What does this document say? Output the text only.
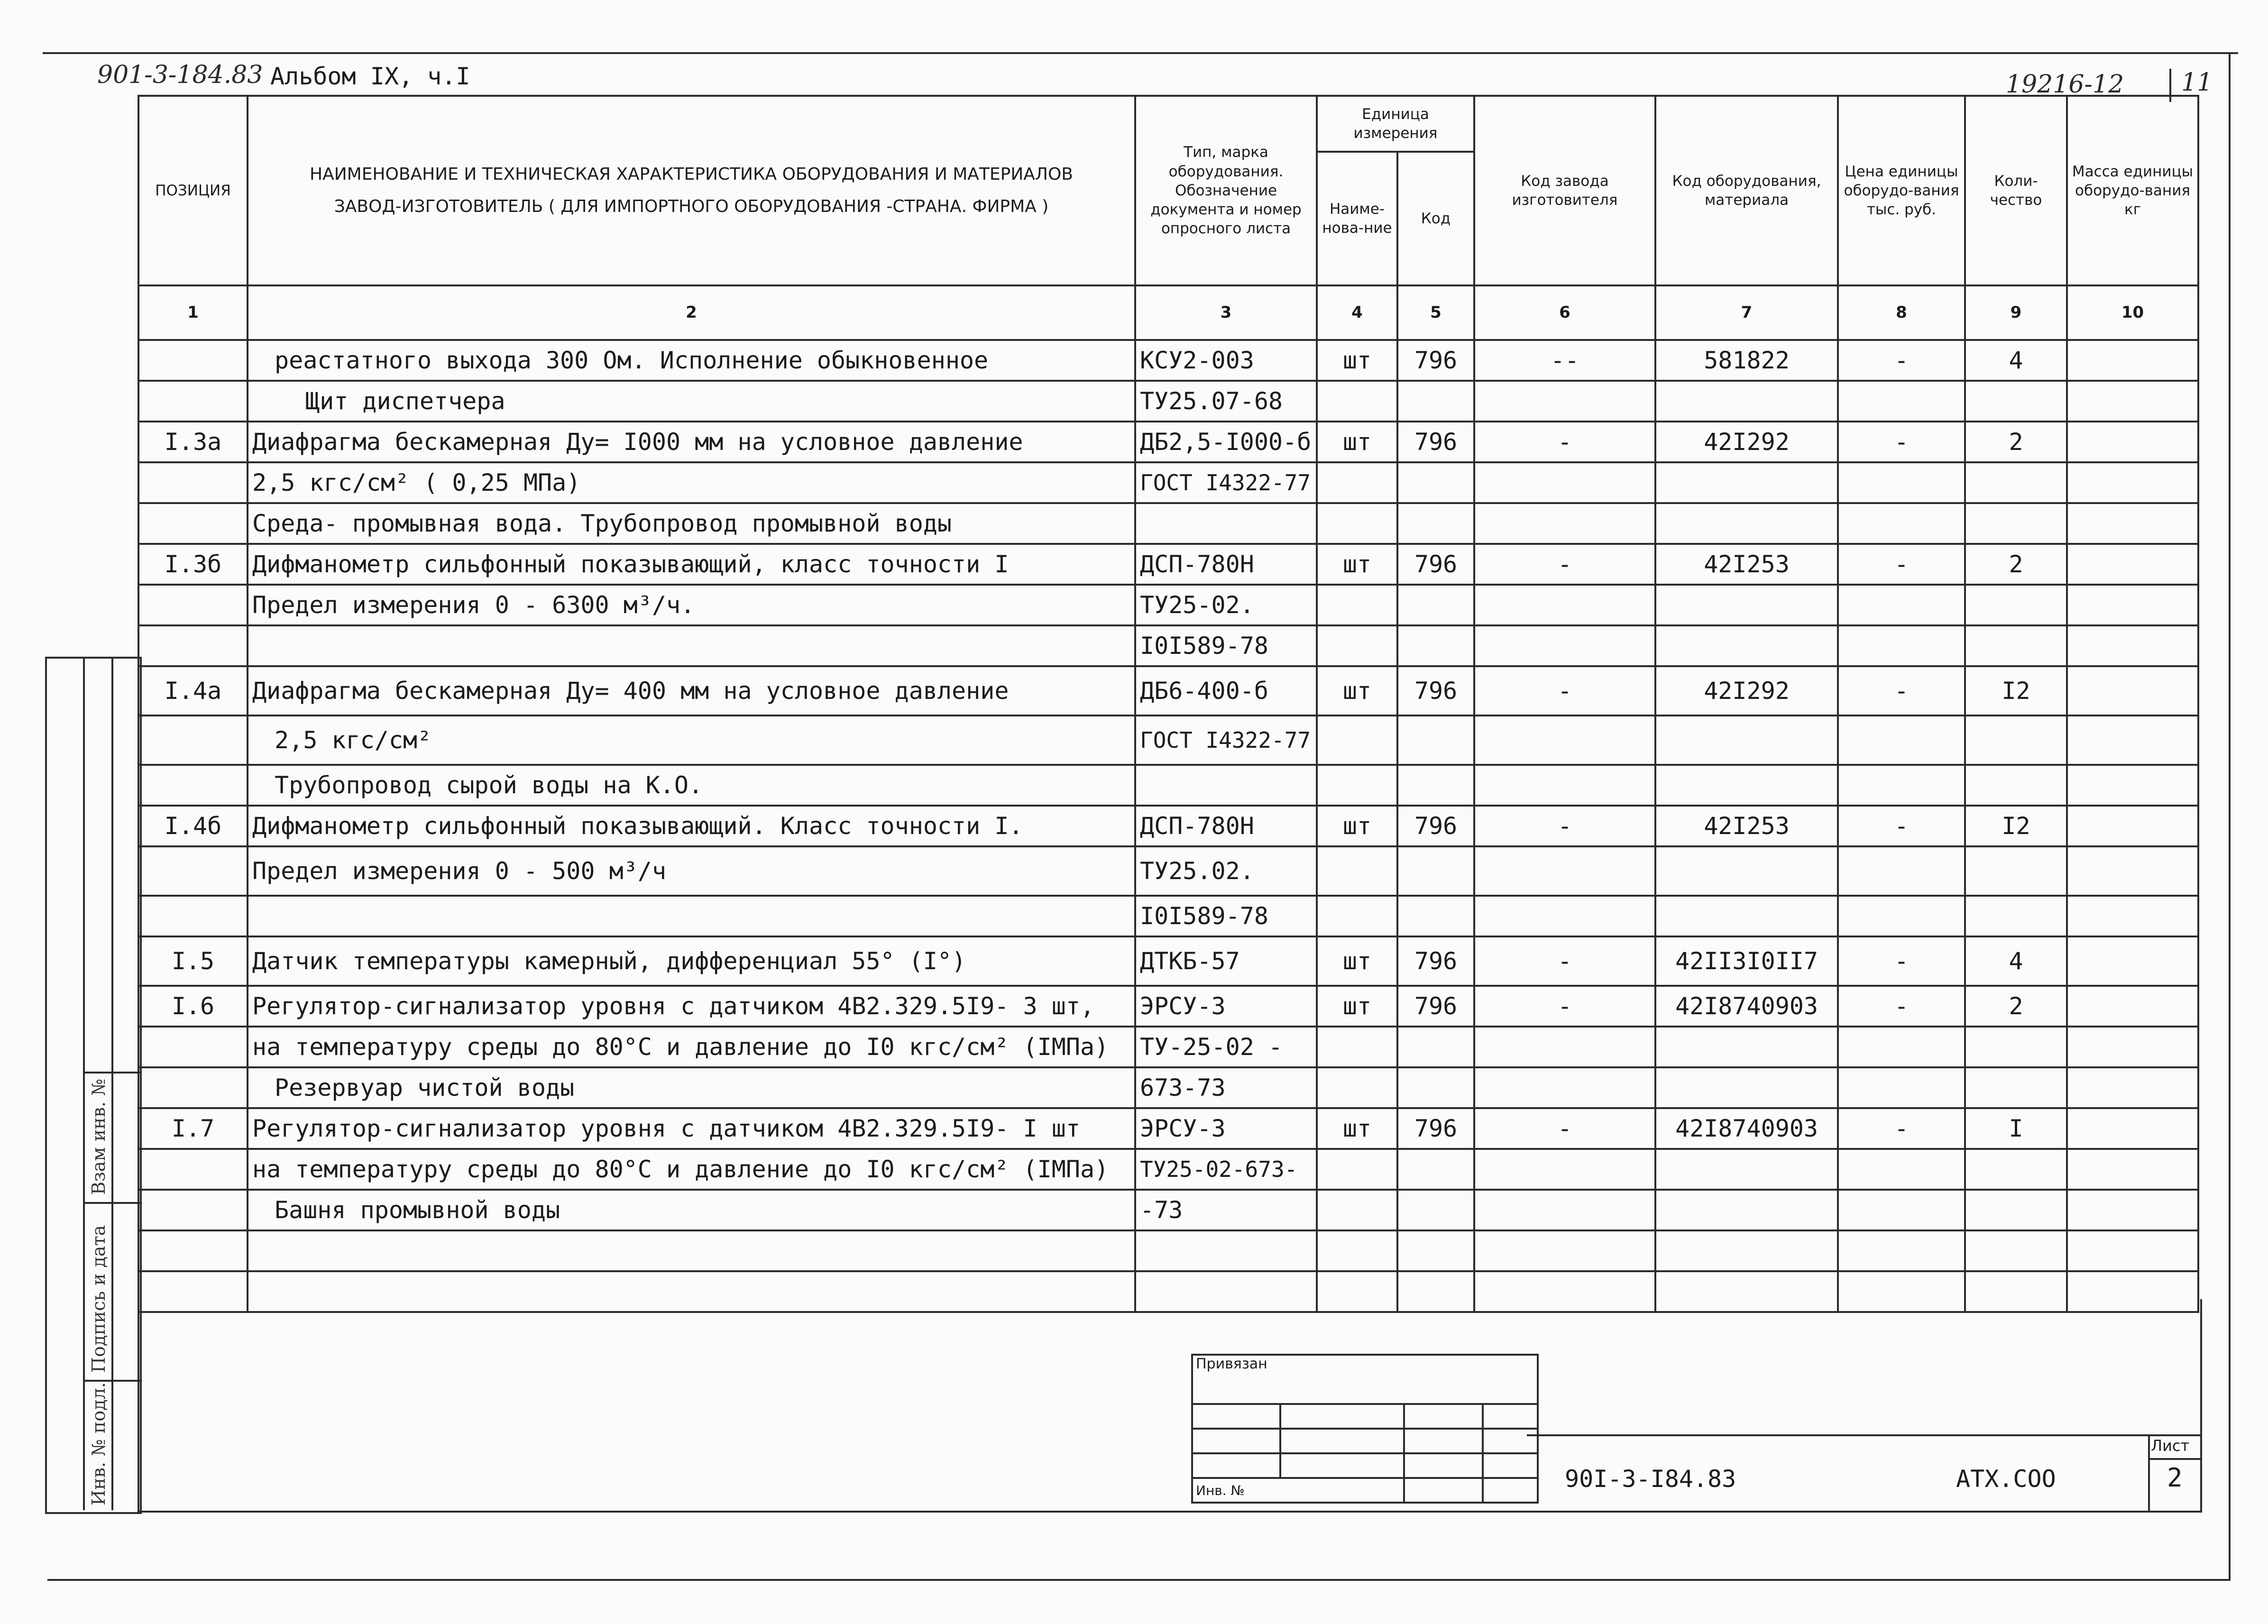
901-3-184.83 Альбом IX, ч.I	19216-12 11
ПОЗИЦИЯ	НАИМЕНОВАНИЕ И ТЕХНИЧЕСКАЯ ХАРАКТЕРИСТИКА ОБОРУДОВАНИЯ И МАТЕРИАЛОВ
ЗАВОД-ИЗГОТОВИТЕЛЬ ( ДЛЯ ИМПОРТНОГО ОБОРУДОВАНИЯ -СТРАНА. ФИРМА )	Тип, марка оборудования. Обозначение документа и номер опросного листа	Единица измерения		Код завода изготовителя	Код оборудования, материала	Цена единицы оборудо-вания тыс. руб.	Коли-чество	Масса единицы оборудо-вания кг
			Наиме-нова-ние	Код					
1	2	3	4	5	6	7	8	9	10
	реастатного выхода 300 Ом. Исполнение обыкновенное	КСУ2-003	шт	796	--	581822	-	4	
	Щит диспетчера	ТУ25.07-68							
I.3а	Диафрагма бескамерная Ду= I000 мм на условное давление	ДБ2,5-I000-б	шт	796	-	42I292	-	2	
	2,5 кгс/см² ( 0,25 МПа)	ГОСТ I4322-77							
	Среда- промывная вода. Трубопровод промывной воды								
I.3б	Дифманометр сильфонный показывающий, класс точности I	ДСП-780Н	шт	796	-	42I253	-	2	
	Предел измерения 0 - 6300 м³/ч.	ТУ25-02.							
		I0I589-78							
I.4а	Диафрагма бескамерная Ду= 400 мм на условное давление	ДБ6-400-б	шт	796	-	42I292	-	I2	
	2,5 кгс/см²	ГОСТ I4322-77							
	Трубопровод сырой воды на К.О.								
I.4б	Дифманометр сильфонный показывающий. Класс точности I.	ДСП-780Н	шт	796	-	42I253	-	I2	
	Предел измерения 0 - 500 м³/ч	ТУ25.02.							
		I0I589-78							
I.5	Датчик температуры камерный, дифференциал 55° (I°)	ДТКБ-57	шт	796	-	42II3I0II7	-	4	
I.6	Регулятор-сигнализатор уровня с датчиком 4В2.329.5I9- 3 шт,	ЭРСУ-3	шт	796	-	42I8740903	-	2	
	на температуру среды до 80°С и давление до I0 кгс/см² (IМПа)	ТУ-25-02 -							
	Резервуар чистой воды	673-73							
I.7	Регулятор-сигнализатор уровня с датчиком 4В2.329.5I9- I шт	ЭРСУ-3	шт	796	-	42I8740903	-	I	
	на температуру среды до 80°С и давление до I0 кгс/см² (IМПа)	ТУ25-02-673-							
	Башня промывной воды	-73							

Инв. № подл.
Подпись и дата
Взам инв. №
Привязан			

Инв. №				90I-3-I84.83	АТХ.СОО
Лист
2
